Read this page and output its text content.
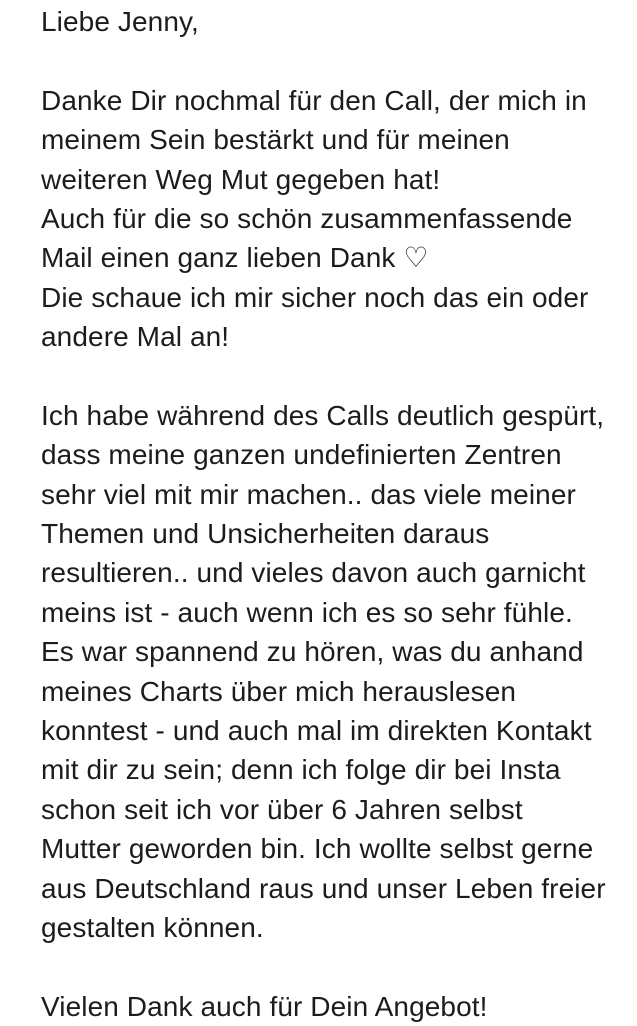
Liebe Jenny,
Danke Dir nochmal für den Call, der mich in
meinem Sein bestärkt und für meinen
weiteren Weg Mut gegeben hat!
Auch für die so schön zusammenfassende
Mail einen ganz lieben Dank ♡
Die schaue ich mir sicher noch das ein oder
andere Mal an!
Ich habe während des Calls deutlich gespürt,
dass meine ganzen undefinierten Zentren
sehr viel mit mir machen.. das viele meiner
Themen und Unsicherheiten daraus
resultieren.. und vieles davon auch garnicht
meins ist - auch wenn ich es so sehr fühle.
Es war spannend zu hören, was du anhand
meines Charts über mich herauslesen
konntest - und auch mal im direkten Kontakt
mit dir zu sein; denn ich folge dir bei Insta
schon seit ich vor über 6 Jahren selbst
Mutter geworden bin. Ich wollte selbst gerne
aus Deutschland raus und unser Leben freier
gestalten können.
Vielen Dank auch für Dein Angebot!
